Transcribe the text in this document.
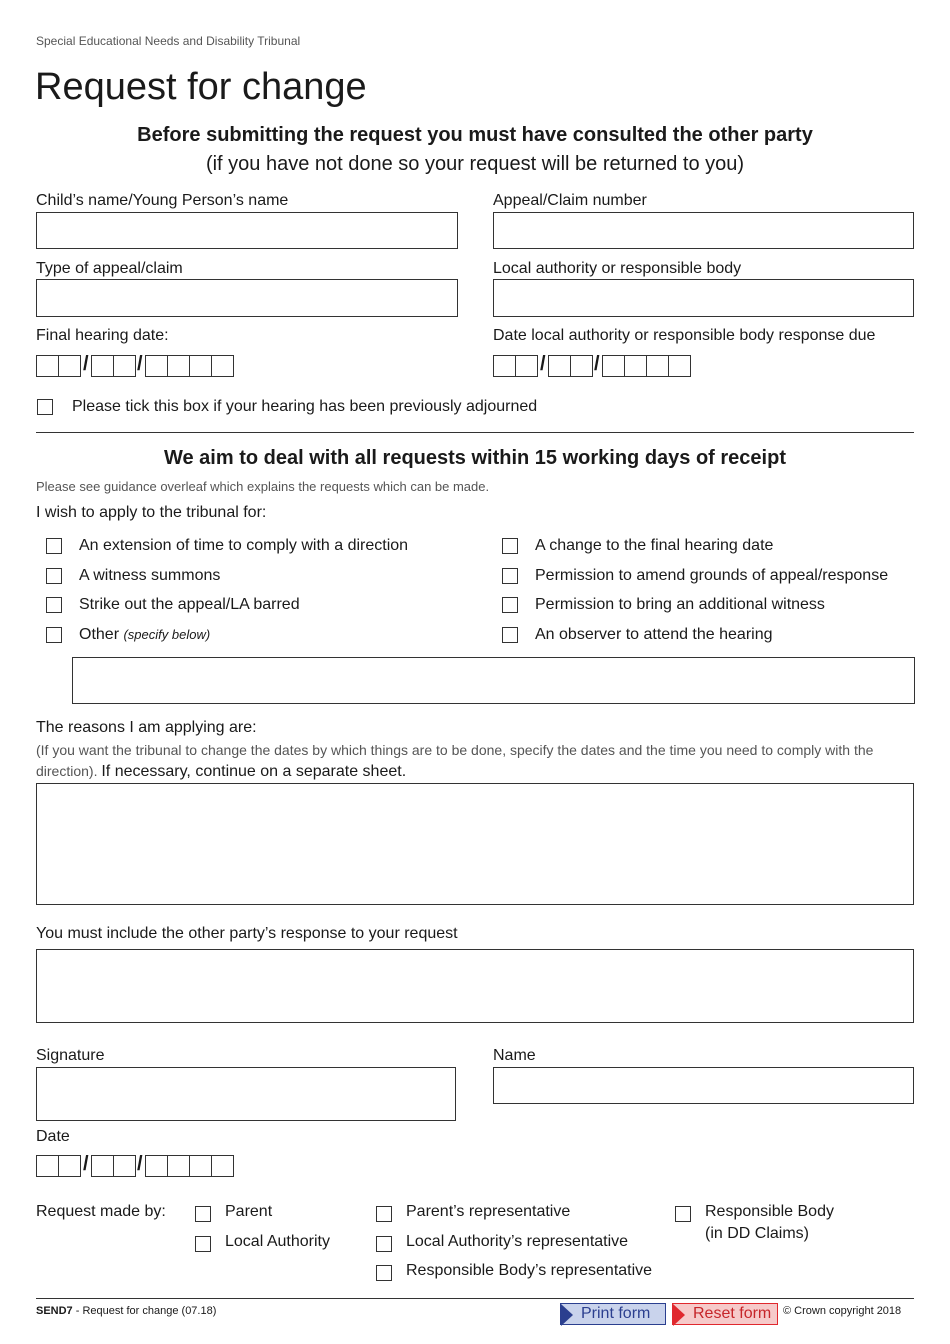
Special Educational Needs and Disability Tribunal
Request for change
Before submitting the request you must have consulted the other party
(if you have not done so your request will be returned to you)
Child’s name/Young Person’s name	Appeal/Claim number
Type of appeal/claim	Local authority or responsible body
Final hearing date:
/ /
Date local authority or responsible body response due
/ /
Please tick this box if your hearing has been previously adjourned
We aim to deal with all requests within 15 working days of receipt
Please see guidance overleaf which explains the requests which can be made.
I wish to apply to the tribunal for:
An extension of time to comply with a direction
A witness summons
Strike out the appeal/LA barred
Other (specify below)
A change to the final hearing date
Permission to amend grounds of appeal/response
Permission to bring an additional witness
An observer to attend the hearing
The reasons I am applying are:
(If you want the tribunal to change the dates by which things are to be done, specify the dates and the time you need to comply with the direction). If necessary, continue on a separate sheet.
You must include the other party’s response to your request
Signature	Name
Date
/ /
Request made by:	Parent
Local Authority
Parent’s representative
Local Authority’s representative
Responsible Body’s representative
Responsible Body
(in DD Claims)
SEND7 - Request for change (07.18)	Print form	Reset form	© Crown copyright 2018
